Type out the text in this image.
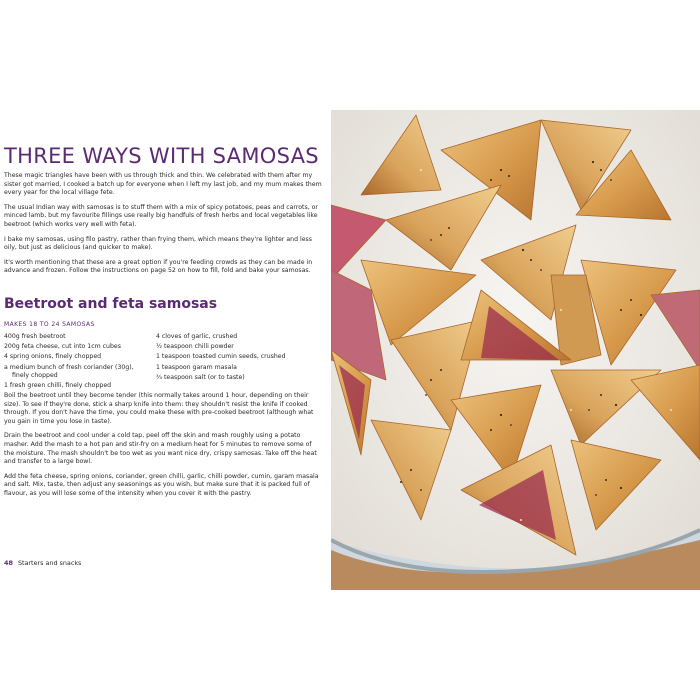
THREE WAYS WITH SAMOSAS

These magic triangles have been with us through thick and thin. We celebrated with them after my sister got married, I cooked a batch up for everyone when I left my last job, and my mum makes them every year for the local village fete.

The usual Indian way with samosas is to stuff them with a mix of spicy potatoes, peas and carrots, or minced lamb, but my favourite fillings use really big handfuls of fresh herbs and local vegetables like beetroot (which works very well with feta).

I bake my samosas, using filo pastry, rather than frying them, which means they're lighter and less oily, but just as delicious (and quicker to make).

It's worth mentioning that these are a great option if you're feeding crowds as they can be made in advance and frozen. Follow the instructions on page 52 on how to fill, fold and bake your samosas.

Beetroot and feta samosas
MAKES 18 TO 24 SAMOSAS
400g fresh beetroot
200g feta cheese, cut into 1cm cubes
4 spring onions, finely chopped
a medium bunch of fresh coriander (30g),
finely chopped
1 fresh green chilli, finely chopped
4 cloves of garlic, crushed
½ teaspoon chilli powder
1 teaspoon toasted cumin seeds, crushed
1 teaspoon garam masala
¾ teaspoon salt (or to taste)

Boil the beetroot until they become tender (this normally takes around 1 hour, depending on their size). To see if they're done, stick a sharp knife into them: they shouldn't resist the knife if cooked through. If you don't have the time, you could make these with pre-cooked beetroot (although what you gain in time you lose in taste).

Drain the beetroot and cool under a cold tap, peel off the skin and mash roughly using a potato masher. Add the mash to a hot pan and stir-fry on a medium heat for 5 minutes to remove some of the moisture. The mash shouldn't be too wet as you want nice dry, crispy samosas. Take off the heat and transfer to a large bowl.

Add the feta cheese, spring onions, coriander, green chilli, garlic, chilli powder, cumin, garam masala and salt. Mix, taste, then adjust any seasonings as you wish, but make sure that it is packed full of flavour, as you will lose some of the intensity when you cover it with the pastry.

48 Starters and snacks
